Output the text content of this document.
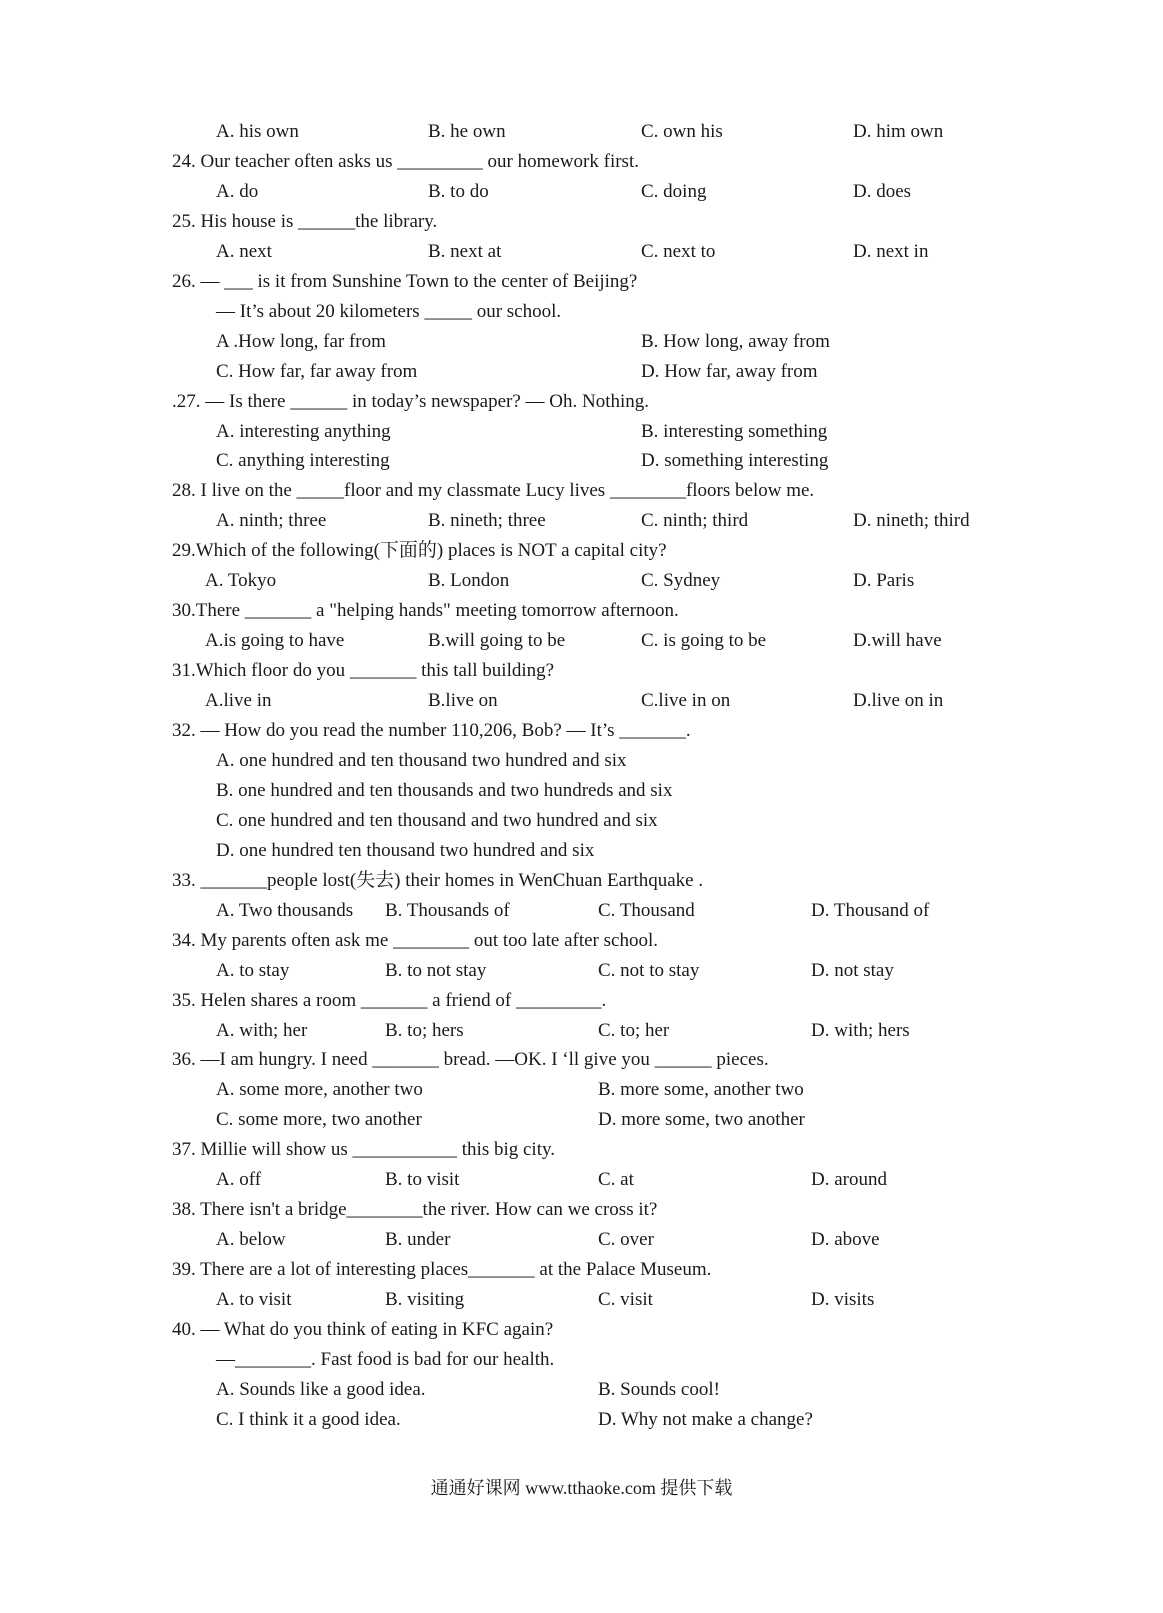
A. his own	B. he own	C. own his	D. him own
24. Our teacher often asks us _________ our homework first.
A. do	B. to do	C. doing	D. does
25. His house is ______the library.
A. next	B. next at	C. next to	D. next in
26. — ___ is it from Sunshine Town to the center of Beijing?
— It’s about 20 kilometers _____ our school.
A .How long, far from	B. How long, away from
C. How far, far away from	D. How far, away from
.27. — Is there ______ in today’s newspaper? — Oh. Nothing.
A. interesting anything	B. interesting something
C. anything interesting	D. something interesting
28. I live on the _____floor and my classmate Lucy lives ________floors below me.
A. ninth; three	B. nineth; three	C. ninth; third	D. nineth; third
29.Which of the following(下面的) places is NOT a capital city?
A. Tokyo	B. London	C. Sydney	D. Paris
30.There _______ a "helping hands" meeting tomorrow afternoon.
A.is going to have	B.will going to be	C. is going to be	D.will have
31.Which floor do you _______ this tall building?
A.live in	B.live on	C.live in on	D.live on in
32. — How do you read the number 110,206, Bob? — It’s _______.
A. one hundred and ten thousand two hundred and six
B. one hundred and ten thousands and two hundreds and six
C. one hundred and ten thousand and two hundred and six
D. one hundred ten thousand two hundred and six
33. _______people lost(失去) their homes in WenChuan Earthquake .
A. Two thousands B. Thousands of	C. Thousand	D. Thousand of
34. My parents often ask me ________ out too late after school.
A. to stay	B. to not stay	C. not to stay	D. not stay
35. Helen shares a room _______ a friend of _________.
A. with; her	B. to; hers	C. to; her	D. with; hers
36. —I am hungry. I need _______ bread. —OK. I ‘ll give you ______ pieces.
A. some more, another two	B. more some, another two
C. some more, two another	D. more some, two another
37. Millie will show us ___________ this big city.
A. off	B. to visit	C. at	D. around
38. There isn't a bridge________the river. How can we cross it?
A. below	B. under	C. over	D. above
39. There are a lot of interesting places_______ at the Palace Museum.
A. to visit	B. visiting	C. visit	D. visits
40. — What do you think of eating in KFC again?
—________. Fast food is bad for our health.
A. Sounds like a good idea.	B. Sounds cool!
C. I think it a good idea.	D. Why not make a change?
通通好课网 www.tthaoke.com 提供下载
